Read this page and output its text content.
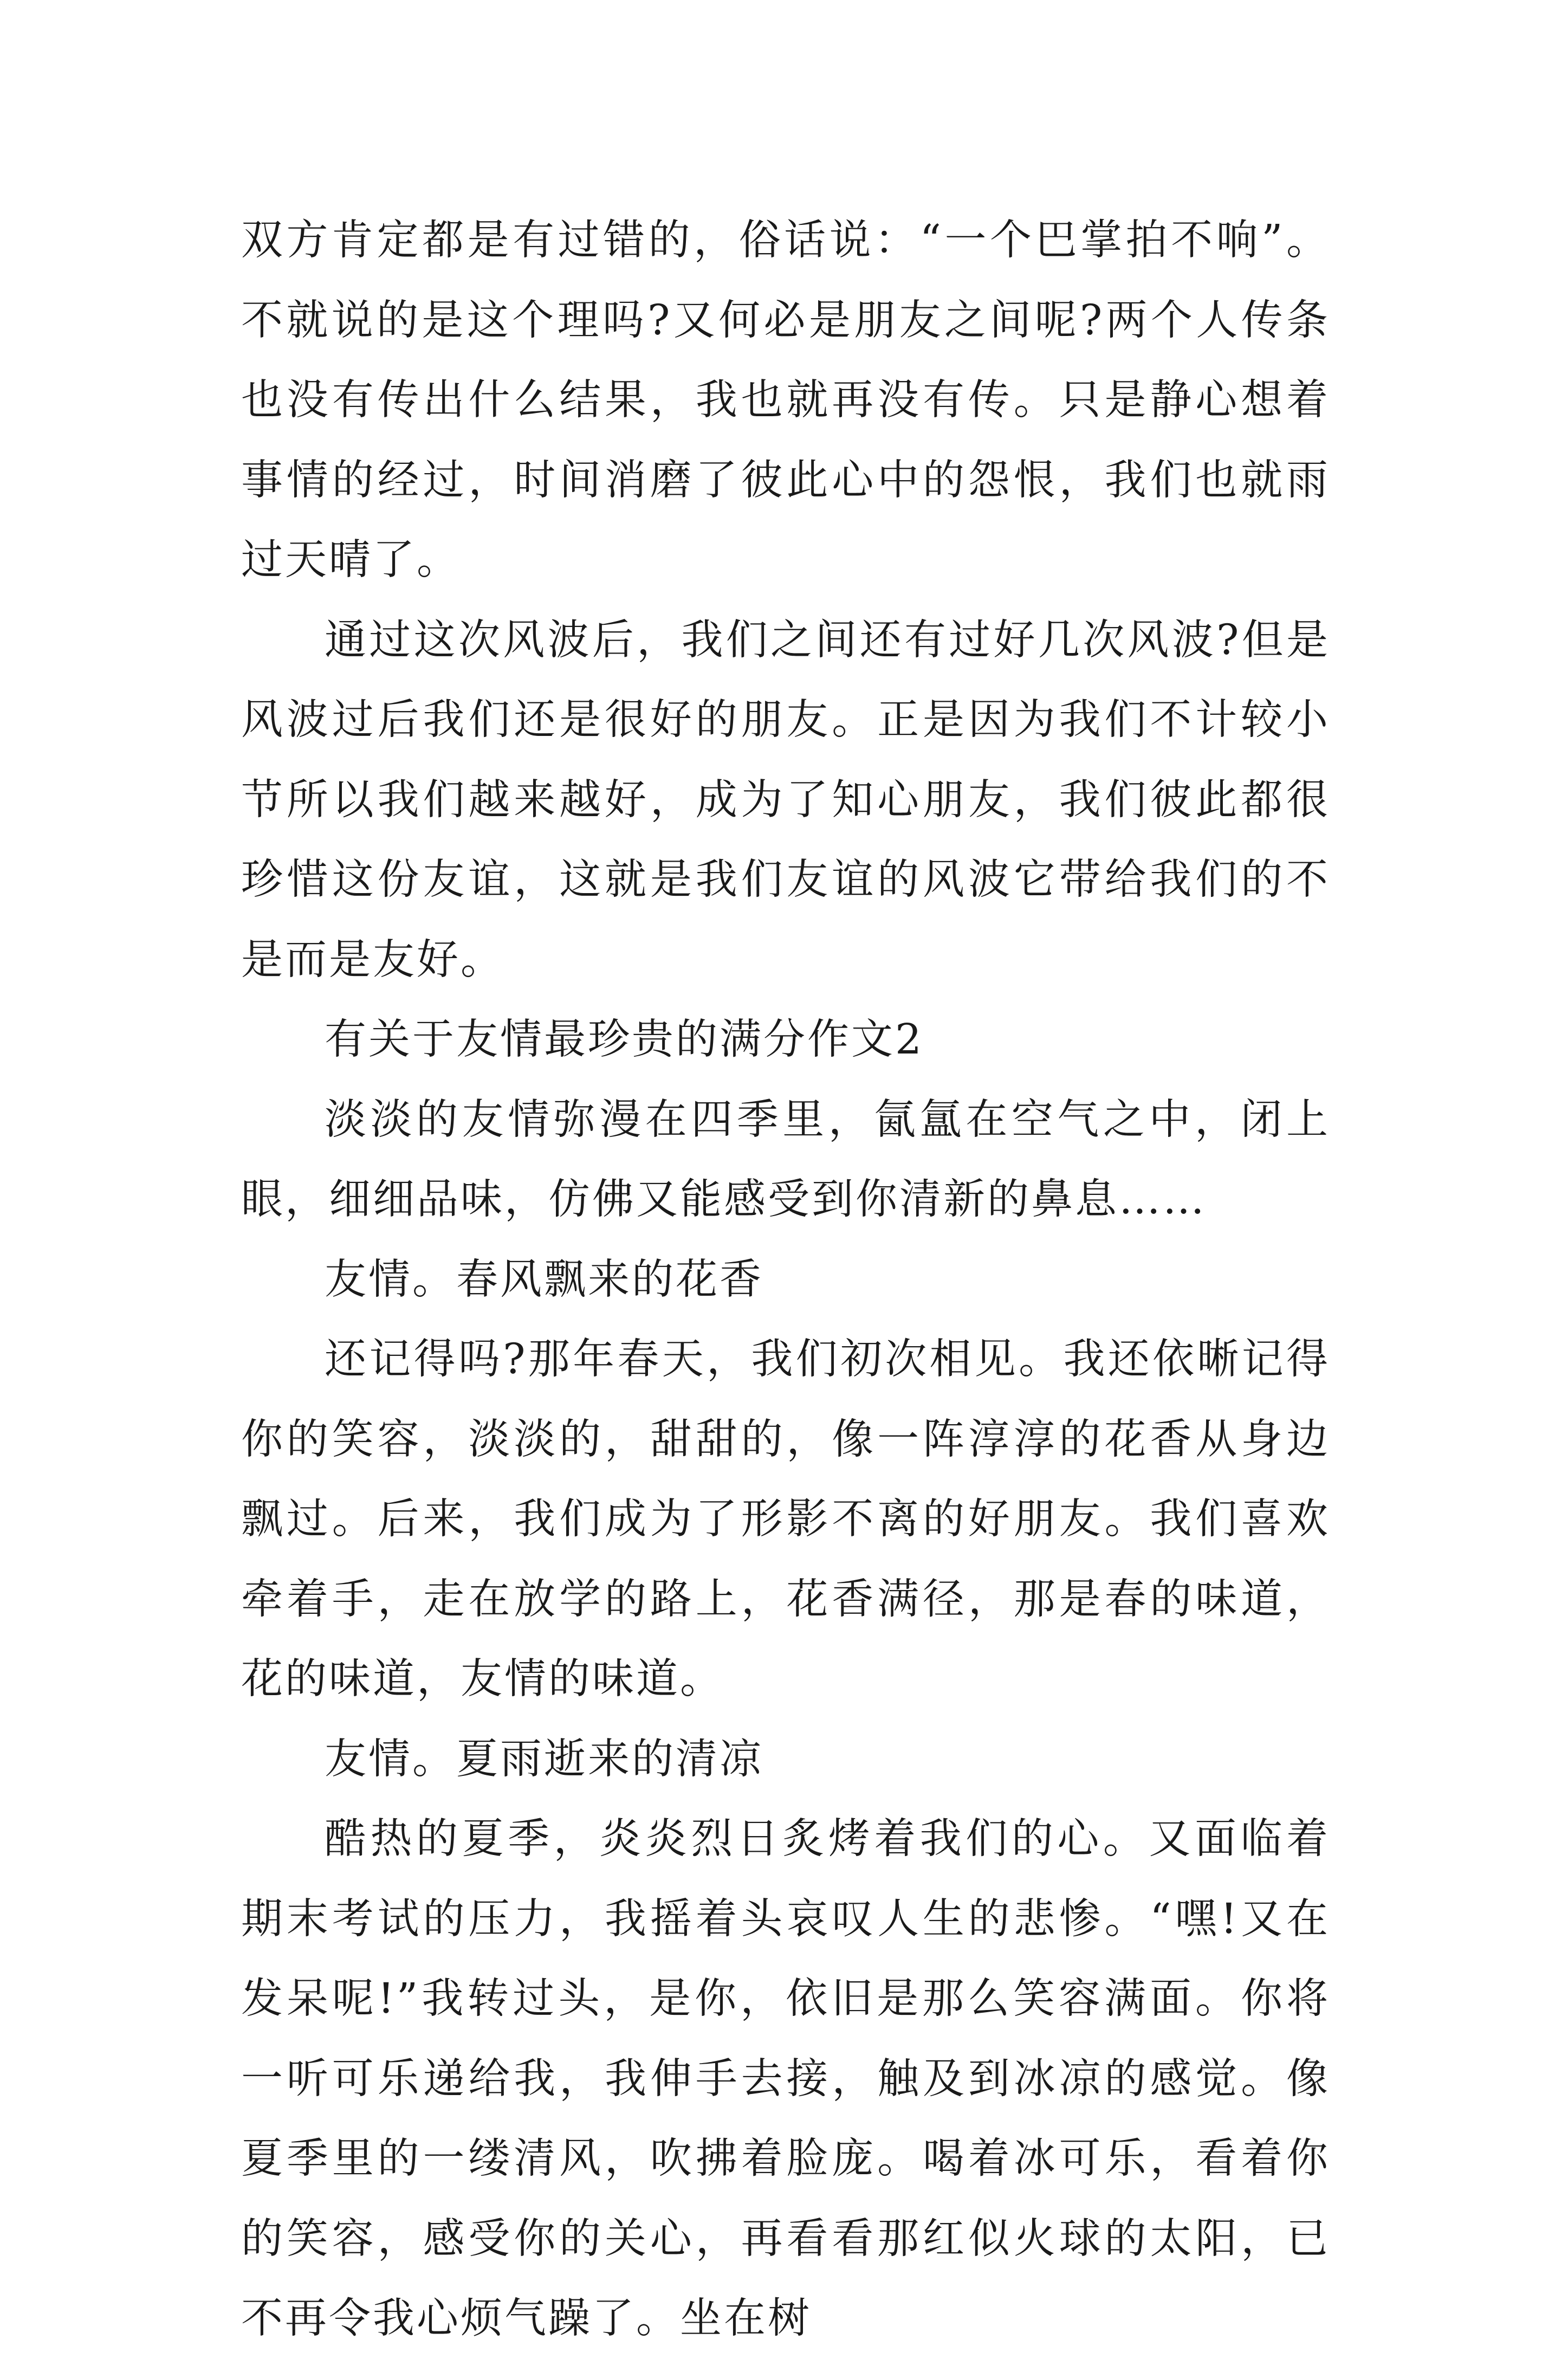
双方肯定都是有过错的，俗话说：“一个巴掌拍不响”。不就说的是这个理吗?又何必是朋友之间呢?两个人传条也没有传出什么结果，我也就再没有传。只是静心想着事情的经过，时间消磨了彼此心中的怨恨，我们也就雨过天晴了。

通过这次风波后，我们之间还有过好几次风波?但是风波过后我们还是很好的朋友。正是因为我们不计较小节所以我们越来越好，成为了知心朋友，我们彼此都很珍惜这份友谊，这就是我们友谊的风波它带给我们的不是而是友好。

有关于友情最珍贵的满分作文2

淡淡的友情弥漫在四季里，氤氲在空气之中，闭上眼，细细品味，仿佛又能感受到你清新的鼻息……

友情。春风飘来的花香

还记得吗?那年春天，我们初次相见。我还依晰记得你的笑容，淡淡的，甜甜的，像一阵淳淳的花香从身边飘过。后来，我们成为了形影不离的好朋友。我们喜欢牵着手，走在放学的路上，花香满径，那是春的味道，花的味道，友情的味道。

友情。夏雨逝来的清凉

酷热的夏季，炎炎烈日炙烤着我们的心。又面临着期末考试的压力，我摇着头哀叹人生的悲惨。“嘿!又在发呆呢!”我转过头，是你，依旧是那么笑容满面。你将一听可乐递给我，我伸手去接，触及到冰凉的感觉。像夏季里的一缕清风，吹拂着脸庞。喝着冰可乐，看着你的笑容，感受你的关心，再看看那红似火球的太阳，已不再令我心烦气躁了。坐在树
